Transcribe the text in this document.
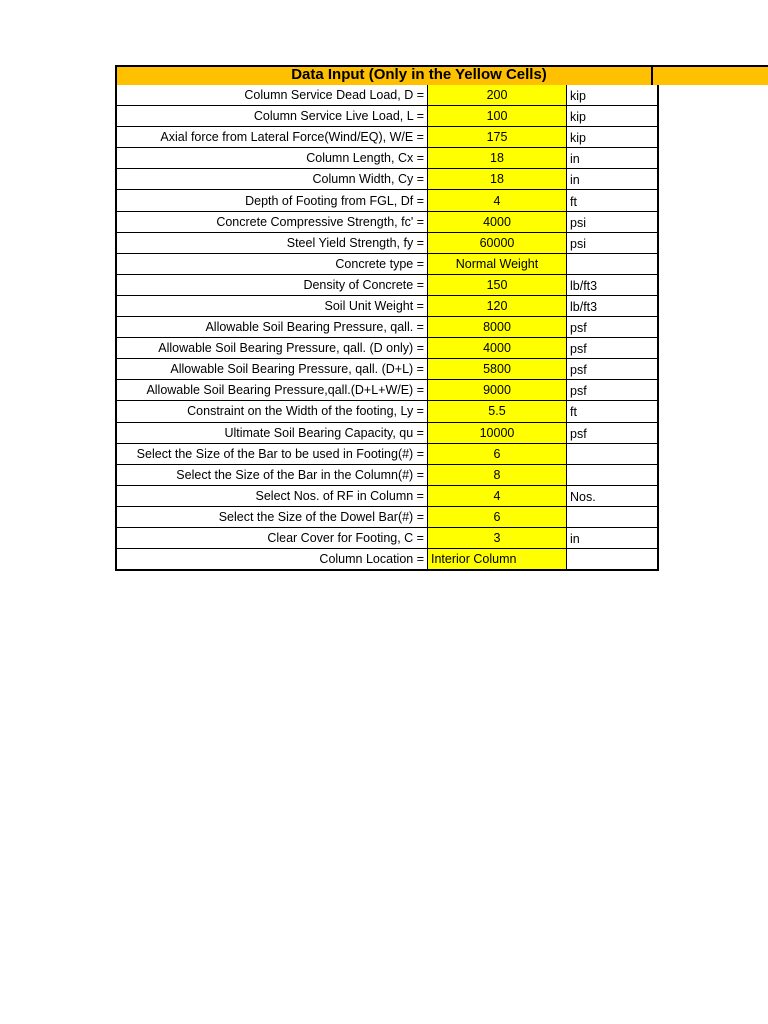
Data Input (Only in the Yellow Cells)
Column Service Dead Load, D =	200	kip
Column Service Live Load, L =	100	kip
Axial force from Lateral Force(Wind/EQ), W/E =	175	kip
Column Length, Cx =	18	in
Column Width, Cy =	18	in
Depth of Footing from FGL, Df =	4	ft
Concrete Compressive Strength, fc' =	4000	psi
Steel Yield Strength, fy =	60000	psi
Concrete type =	Normal Weight	
Density of Concrete =	150	lb/ft3
Soil Unit Weight =	120	lb/ft3
Allowable Soil Bearing Pressure, qall. =	8000	psf
Allowable Soil Bearing Pressure, qall. (D only) =	4000	psf
Allowable Soil Bearing Pressure, qall. (D+L) =	5800	psf
Allowable Soil Bearing Pressure,qall.(D+L+W/E) =	9000	psf
Constraint on the Width of the footing, Ly =	5.5	ft
Ultimate Soil Bearing Capacity, qu =	10000	psf
Select the Size of the Bar to be used in Footing(#) =	6	
Select the Size of the Bar in the Column(#) =	8	
Select Nos. of RF in Column =	4	Nos.
Select the Size of the Dowel Bar(#) =	6	
Clear Cover for Footing, C =	3	in
Column Location =	Interior Column	
